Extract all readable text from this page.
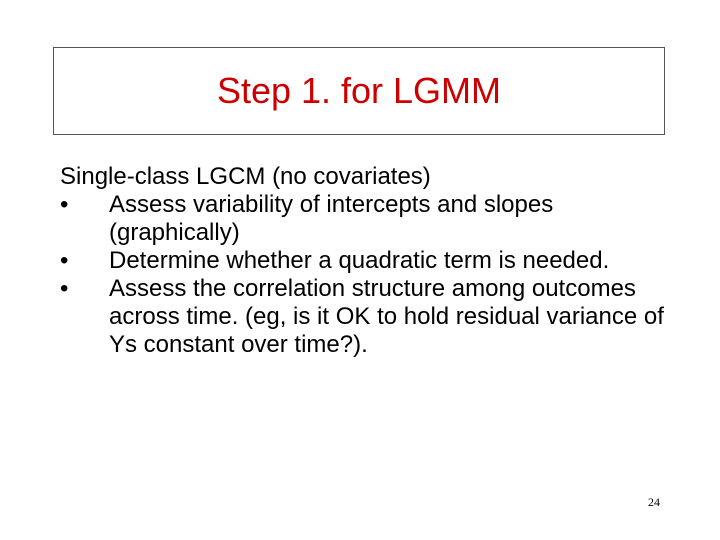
Step 1. for LGMM
Single-class LGCM (no covariates)
• Assess variability of intercepts and slopes (graphically)
• Determine whether a quadratic term is needed.
• Assess the correlation structure among outcomes across time. (eg, is it OK to hold residual variance of Ys constant over time?).
24
